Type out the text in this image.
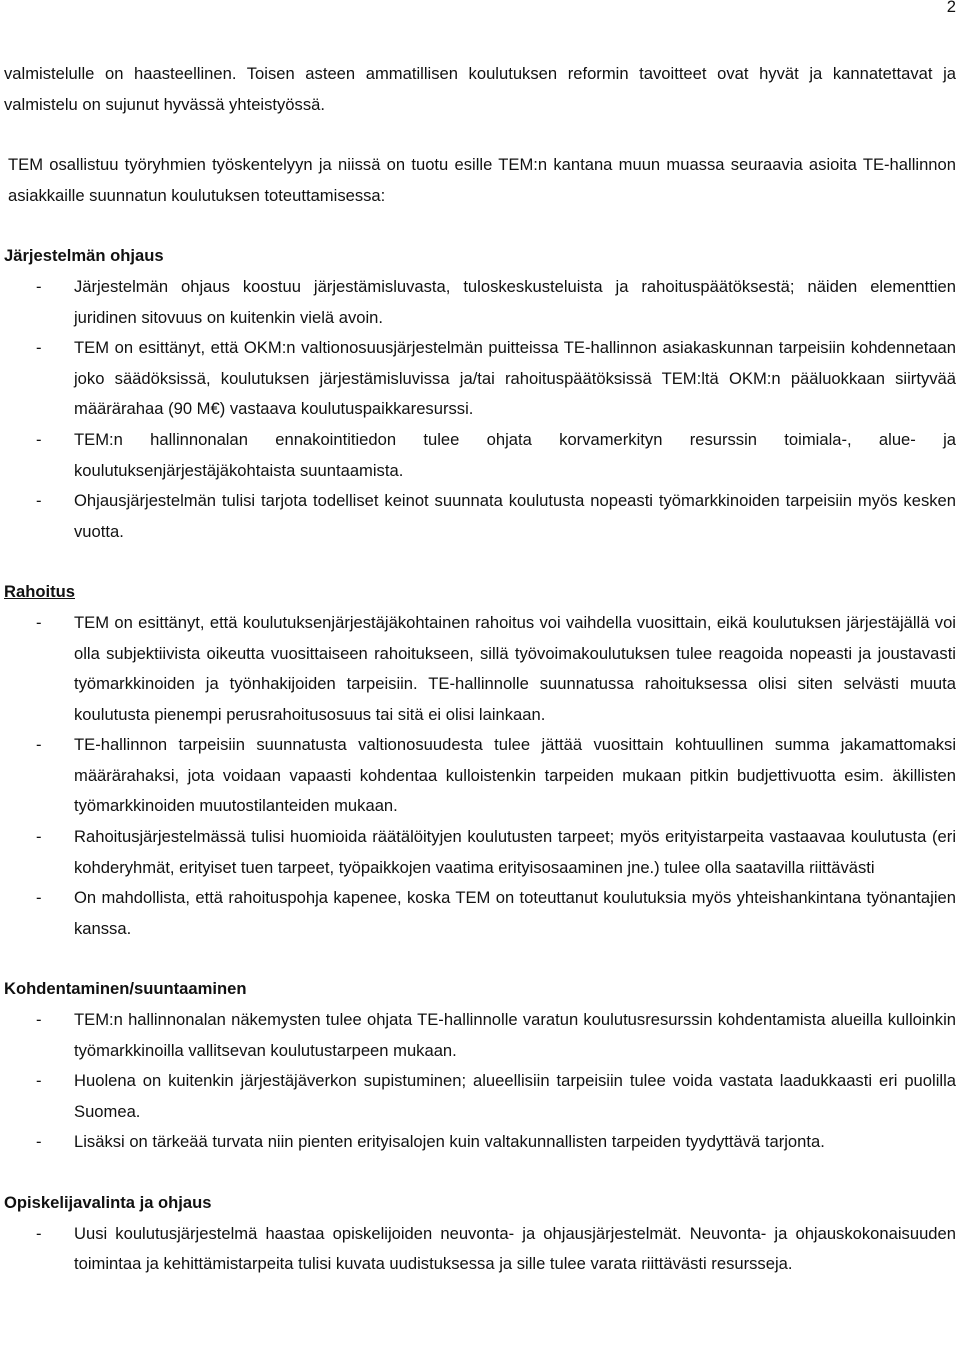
2

valmistelulle on haasteellinen. Toisen asteen ammatillisen koulutuksen reformin tavoitteet ovat hyvät ja kannatettavat ja valmistelu on sujunut hyvässä yhteistyössä.

TEM osallistuu työryhmien työskentelyyn ja niissä on tuotu esille TEM:n kantana muun muassa seuraavia asioita TE-hallinnon asiakkaille suunnatun koulutuksen toteuttamisessa:

Järjestelmän ohjaus
- Järjestelmän ohjaus koostuu järjestämisluvasta, tuloskeskusteluista ja rahoituspäätöksestä; näiden elementtien juridinen sitovuus on kuitenkin vielä avoin.
- TEM on esittänyt, että OKM:n valtionosuusjärjestelmän puitteissa TE-hallinnon asiakaskunnan tarpeisiin kohdennetaan joko säädöksissä, koulutuksen järjestämisluvissa ja/tai rahoituspäätöksissä TEM:ltä OKM:n pääluokkaan siirtyvää määrärahaa (90 M€) vastaava koulutuspaikkaresurssi.
- TEM:n hallinnonalan ennakointitiedon tulee ohjata korvamerkityn resurssin toimiala-, alue- ja koulutuksenjärjestäjäkohtaista suuntaamista.
- Ohjausjärjestelmän tulisi tarjota todelliset keinot suunnata koulutusta nopeasti työmarkkinoiden tarpeisiin myös kesken vuotta.
Rahoitus
- TEM on esittänyt, että koulutuksenjärjestäjäkohtainen rahoitus voi vaihdella vuosittain, eikä koulutuksen järjestäjällä voi olla subjektiivista oikeutta vuosittaiseen rahoitukseen, sillä työvoimakoulutuksen tulee reagoida nopeasti ja joustavasti työmarkkinoiden ja työnhakijoiden tarpeisiin. TE-hallinnolle suunnatussa rahoituksessa olisi siten selvästi muuta koulutusta pienempi perusrahoitusosuus tai sitä ei olisi lainkaan.
- TE-hallinnon tarpeisiin suunnatusta valtionosuudesta tulee jättää vuosittain kohtuullinen summa jakamattomaksi määrärahaksi, jota voidaan vapaasti kohdentaa kulloistenkin tarpeiden mukaan pitkin budjettivuotta esim. äkillisten työmarkkinoiden muutostilanteiden mukaan.
- Rahoitusjärjestelmässä tulisi huomioida räätälöityjen koulutusten tarpeet; myös erityistarpeita vastaavaa koulutusta (eri kohderyhmät, erityiset tuen tarpeet, työpaikkojen vaatima erityisosaaminen jne.) tulee olla saatavilla riittävästi
- On mahdollista, että rahoituspohja kapenee, koska TEM on toteuttanut koulutuksia myös yhteishankintana työnantajien kanssa.
Kohdentaminen/suuntaaminen
- TEM:n hallinnonalan näkemysten tulee ohjata TE-hallinnolle varatun koulutusresurssin kohdentamista alueilla kulloinkin työmarkkinoilla vallitsevan koulutustarpeen mukaan.
- Huolena on kuitenkin järjestäjäverkon supistuminen; alueellisiin tarpeisiin tulee voida vastata laadukkaasti eri puolilla Suomea.
- Lisäksi on tärkeää turvata niin pienten erityisalojen kuin valtakunnallisten tarpeiden tyydyttävä tarjonta.
Opiskelijavalinta ja ohjaus
- Uusi koulutusjärjestelmä haastaa opiskelijoiden neuvonta- ja ohjausjärjestelmät. Neuvonta- ja ohjauskokonaisuuden toimintaa ja kehittämistarpeita tulisi kuvata uudistuksessa ja sille tulee varata riittävästi resursseja.
